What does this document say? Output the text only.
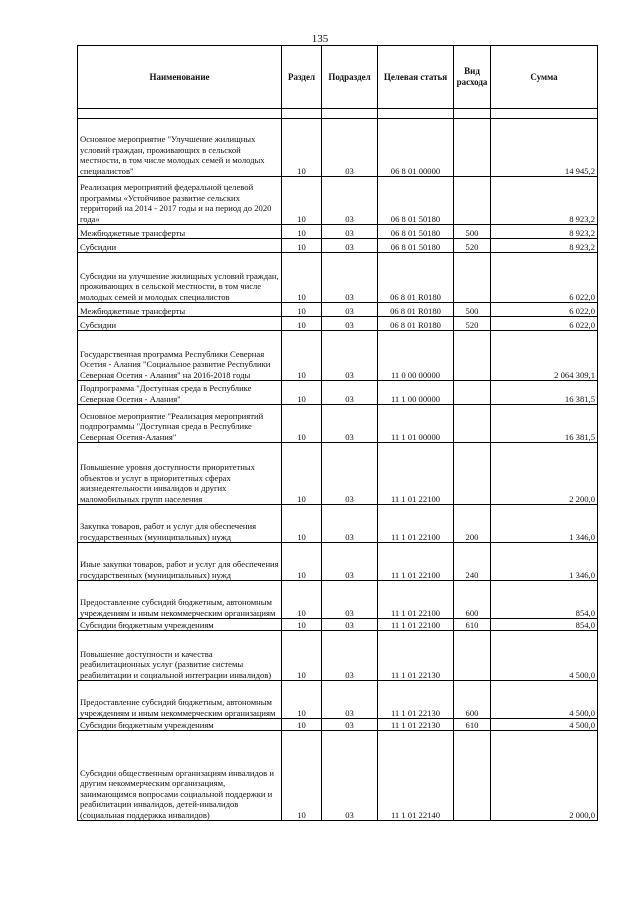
135
Наименование	Раздел	Подраздел	Целевая статья	Вид расхода	Сумма

Основное мероприятие "Улучшение жилищных условий граждан, проживающих в сельской местности, в том числе молодых семей и молодых специалистов"	10	03	06 8 01 00000		14 945,2
Реализация мероприятий федеральной целевой программы «Устойчивое развитие сельских территорий на 2014 - 2017 годы и на период до 2020 года»	10	03	06 8 01 50180		8 923,2
Межбюджетные трансферты	10	03	06 8 01 50180	500	8 923,2
Субсидии	10	03	06 8 01 50180	520	8 923,2
Субсидии на улучшение жилищных условий граждан, проживающих в сельской местности, в том числе молодых семей и молодых специалистов	10	03	06 8 01 R0180		6 022,0
Межбюджетные трансферты	10	03	06 8 01 R0180	500	6 022,0
Субсидии	10	03	06 8 01 R0180	520	6 022,0
Государственная программа Республики Северная Осетия - Алания "Социальное развитие Республики Северная Осетия - Алания" на 2016-2018 годы	10	03	11 0 00 00000		2 064 309,1
Подпрограмма "Доступная среда в Республике Северная Осетия - Алания"	10	03	11 1 00 00000		16 381,5
Основное мероприятие "Реализация мероприятий подпрограммы "Доступная среда в Республике Северная Осетия-Алания"	10	03	11 1 01 00000		16 381,5
Повышение уровня доступности приоритетных объектов и услуг в приоритетных сферах жизнедеятельности инвалидов и других маломобильных групп населения	10	03	11 1 01 22100		2 200,0
Закупка товаров, работ и услуг для обеспечения государственных (муниципальных) нужд	10	03	11 1 01 22100	200	1 346,0
Иные закупки товаров, работ и услуг для обеспечения государственных (муниципальных) нужд	10	03	11 1 01 22100	240	1 346,0
Предоставление субсидий бюджетным, автономным учреждениям и иным некоммерческим организациям	10	03	11 1 01 22100	600	854,0
Субсидии бюджетным учреждениям	10	03	11 1 01 22100	610	854,0
Повышение доступности и качества реабилитационных услуг (развитие системы реабилитации и социальной интеграции инвалидов)	10	03	11 1 01 22130		4 500,0
Предоставление субсидий бюджетным, автономным учреждениям и иным некоммерческим организациям	10	03	11 1 01 22130	600	4 500,0
Субсидии бюджетным учреждениям	10	03	11 1 01 22130	610	4 500,0
Субсидии общественным организациям инвалидов и другим некоммерческим организациям, занимающимся вопросами социальной поддержки и реабилитации инвалидов, детей-инвалидов (социальная поддержка инвалидов)	10	03	11 1 01 22140		2 000,0
